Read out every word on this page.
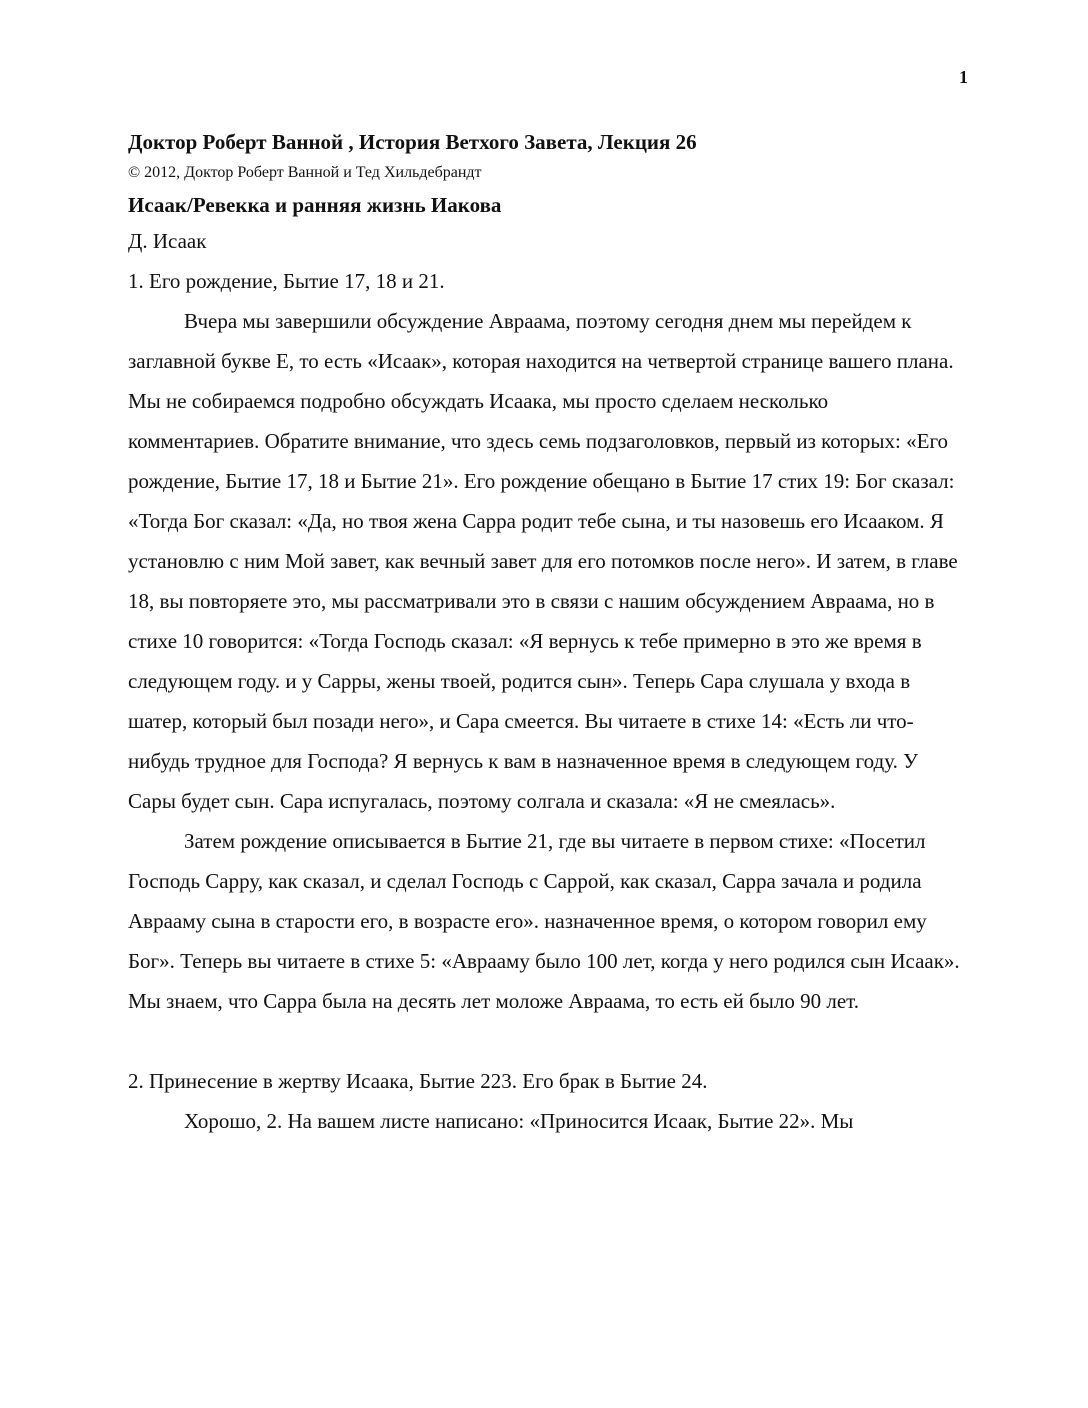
1

Доктор Роберт Ванной , История Ветхого Завета, Лекция 26

© 2012, Доктор Роберт Ванной и Тед Хильдебрандт

Исаак/Ревекка и ранняя жизнь Иакова

Д. Исаак

1. Его рождение, Бытие 17, 18 и 21.

Вчера мы завершили обсуждение Авраама, поэтому сегодня днем мы перейдем к заглавной букве E, то есть «Исаак», которая находится на четвертой странице вашего плана. Мы не собираемся подробно обсуждать Исаака, мы просто сделаем несколько комментариев. Обратите внимание, что здесь семь подзаголовков, первый из которых: «Его рождение, Бытие 17, 18 и Бытие 21». Его рождение обещано в Бытие 17 стих 19: Бог сказал: «Тогда Бог сказал: «Да, но твоя жена Сарра родит тебе сына, и ты назовешь его Исааком. Я установлю с ним Мой завет, как вечный завет для его потомков после него». И затем, в главе 18, вы повторяете это, мы рассматривали это в связи с нашим обсуждением Авраама, но в стихе 10 говорится: «Тогда Господь сказал: «Я вернусь к тебе примерно в это же время в следующем году. и у Сарры, жены твоей, родится сын». Теперь Сара слушала у входа в шатер, который был позади него», и Сара смеется. Вы читаете в стихе 14: «Есть ли что-нибудь трудное для Господа? Я вернусь к вам в назначенное время в следующем году. У Сары будет сын. Сара испугалась, поэтому солгала и сказала: «Я не смеялась».

Затем рождение описывается в Бытие 21, где вы читаете в первом стихе: «Посетил Господь Сарру, как сказал, и сделал Господь с Саррой, как сказал, Сарра зачала и родила Аврааму сына в старости его, в возрасте его». назначенное время, о котором говорил ему Бог». Теперь вы читаете в стихе 5: «Аврааму было 100 лет, когда у него родился сын Исаак». Мы знаем, что Сарра была на десять лет моложе Авраама, то есть ей было 90 лет.

2. Принесение в жертву Исаака, Бытие 223. Его брак в Бытие 24.

Хорошо, 2. На вашем листе написано: «Приносится Исаак, Бытие 22». Мы
